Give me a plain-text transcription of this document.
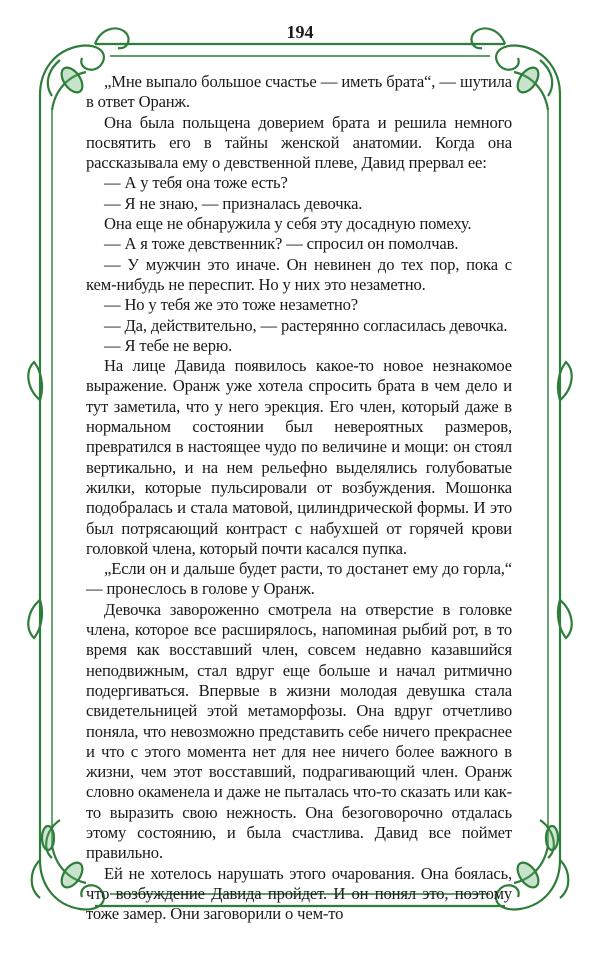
194

„Мне выпало большое счастье — иметь брата“, — шутила в ответ Оранж.

Она была польщена доверием брата и решила немного посвятить его в тайны женской анатомии. Когда она рассказывала ему о девственной плеве, Давид прервал ее:

— А у тебя она тоже есть?

— Я не знаю, — призналась девочка.

Она еще не обнаружила у себя эту досадную помеху.

— А я тоже девственник? — спросил он помолчав.

— У мужчин это иначе. Он невинен до тех пор, пока с кем-нибудь не переспит. Но у них это незаметно.

— Но у тебя же это тоже незаметно?

— Да, действительно, — растерянно согласилась девочка.

— Я тебе не верю.

На лице Давида появилось какое-то новое незнакомое выражение. Оранж уже хотела спросить брата в чем дело и тут заметила, что у него эрекция. Его член, который даже в нормальном состоянии был невероятных размеров, превратился в настоящее чудо по величине и мощи: он стоял вертикально, и на нем рельефно выделялись голубоватые жилки, которые пульсировали от возбуждения. Мошонка подобралась и стала матовой, цилиндрической формы. И это был потрясающий контраст с набухшей от горячей крови головкой члена, который почти касался пупка.

„Если он и дальше будет расти, то достанет ему до горла,“ — пронеслось в голове у Оранж.

Девочка завороженно смотрела на отверстие в головке члена, которое все расширялось, напоминая рыбий рот, в то время как восставший член, совсем недавно казавшийся неподвижным, стал вдруг еще больше и начал ритмично подергиваться. Впервые в жизни молодая девушка стала свидетельницей этой метаморфозы. Она вдруг отчетливо поняла, что невозможно представить себе ничего прекраснее и что с этого момента нет для нее ничего более важного в жизни, чем этот восставший, подрагивающий член. Оранж словно окаменела и даже не пыталась что-то сказать или как-то выразить свою нежность. Она безоговорочно отдалась этому состоянию, и была счастлива. Давид все поймет правильно.

Ей не хотелось нарушать этого очарования. Она боялась, что возбуждение Давида пройдет. И он понял это, поэтому тоже замер. Они заговорили о чем-то
